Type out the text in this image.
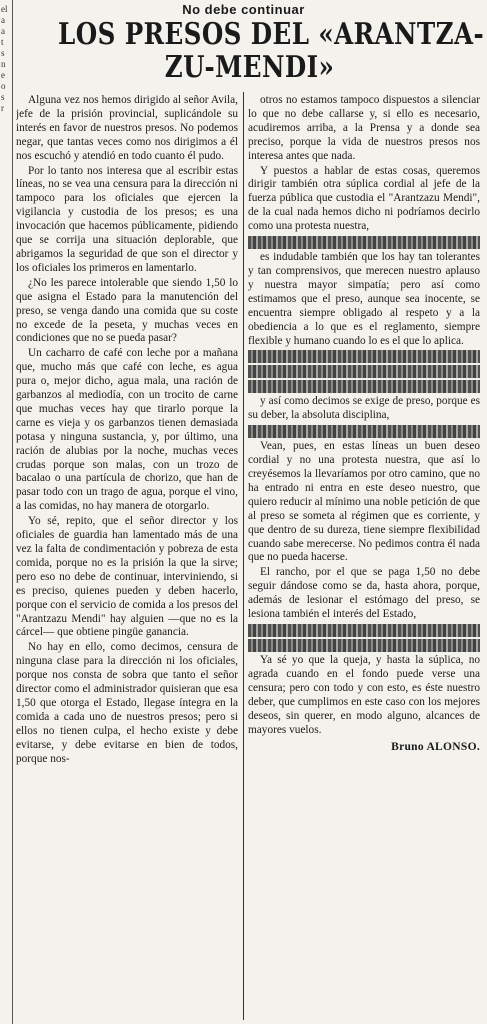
el
a
a
t
s
n
e
o
s
r
No debe continuar
LOS PRESOS DEL «ARANTZA-
ZU-MENDI»

Alguna vez nos hemos dirigido al señor Avila, jefe de la prisión provincial, suplicándole su interés en favor de nuestros presos. No podemos negar, que tantas veces como nos dirigimos a él nos escuchó y atendió en todo cuanto él pudo.

Por lo tanto nos interesa que al escribir estas líneas, no se vea una censura para la dirección ni tampoco para los oficiales que ejercen la vigilancia y custodia de los presos; es una invocación que hacemos públicamente, pidiendo que se corrija una situación deplorable, que abrigamos la seguridad de que son el director y los oficiales los primeros en lamentarlo.

¿No les parece intolerable que siendo 1,50 lo que asigna el Estado para la manutención del preso, se venga dando una comida que su coste no excede de la peseta, y muchas veces en condiciones que no se pueda pasar?

Un cacharro de café con leche por a mañana que, mucho más que café con leche, es agua pura o, mejor dicho, agua mala, una ración de garbanzos al mediodía, con un trocito de carne que muchas veces hay que tirarlo porque la carne es vieja y os garbanzos tienen demasiada potasa y ninguna sustancia, y, por último, una ración de alubias por la noche, muchas veces crudas porque son malas, con un trozo de bacalao o una partícula de chorizo, que han de pasar todo con un trago de agua, porque el vino, a las comidas, no hay manera de otorgarlo.

Yo sé, repito, que el señor director y los oficiales de guardia han lamentado más de una vez la falta de condimentación y pobreza de esta comida, porque no es la prisión la que la sirve; pero eso no debe de continuar, interviniendo, si es preciso, quienes pueden y deben hacerlo, porque con el servicio de comida a los presos del "Arantzazu Mendi" hay alguien —que no es la cárcel— que obtiene pingüe ganancia.

No hay en ello, como decimos, censura de ninguna clase para la dirección ni los oficiales, porque nos consta de sobra que tanto el señor director como el administrador quisieran que esa 1,50 que otorga el Estado, llegase íntegra en la comida a cada uno de nuestros presos; pero si ellos no tienen culpa, el hecho existe y debe evitarse, y debe evitarse en bien de todos, porque nos-

otros no estamos tampoco dispuestos a silenciar lo que no debe callarse y, si ello es necesario, acudiremos arriba, a la Prensa y a donde sea preciso, porque la vida de nuestros presos nos interesa antes que nada.

Y puestos a hablar de estas cosas, queremos dirigir también otra súplica cordial al jefe de la fuerza pública que custodia el "Arantzazu Mendi", de la cual nada hemos dicho ni podríamos decirlo como una protesta nuestra,

es indudable también que los hay tan tolerantes y tan comprensivos, que merecen nuestro aplauso y nuestra mayor simpatía; pero así como estimamos que el preso, aunque sea inocente, se encuentra siempre obligado al respeto y a la obediencia a lo que es el reglamento, siempre flexible y humano cuando lo es el que lo aplica.

y así como decimos se exige de preso, porque es su deber, la absoluta disciplina,

Vean, pues, en estas líneas un buen deseo cordial y no una protesta nuestra, que así lo creyésemos la llevaríamos por otro camino, que no ha entrado ni entra en este deseo nuestro, que quiero reducir al mínimo una noble petición de que al preso se someta al régimen que es corriente, y que dentro de su dureza, tiene siempre flexibilidad cuando sabe merecerse. No pedimos contra él nada que no pueda hacerse.

El rancho, por el que se paga 1,50 no debe seguir dándose como se da, hasta ahora, porque, además de lesionar el estómago del preso, se lesiona también el interés del Estado,

Ya sé yo que la queja, y hasta la súplica, no agrada cuando en el fondo puede verse una censura; pero con todo y con esto, es éste nuestro deber, que cumplimos en este caso con los mejores deseos, sin querer, en modo alguno, alcances de mayores vuelos.

Bruno ALONSO.
